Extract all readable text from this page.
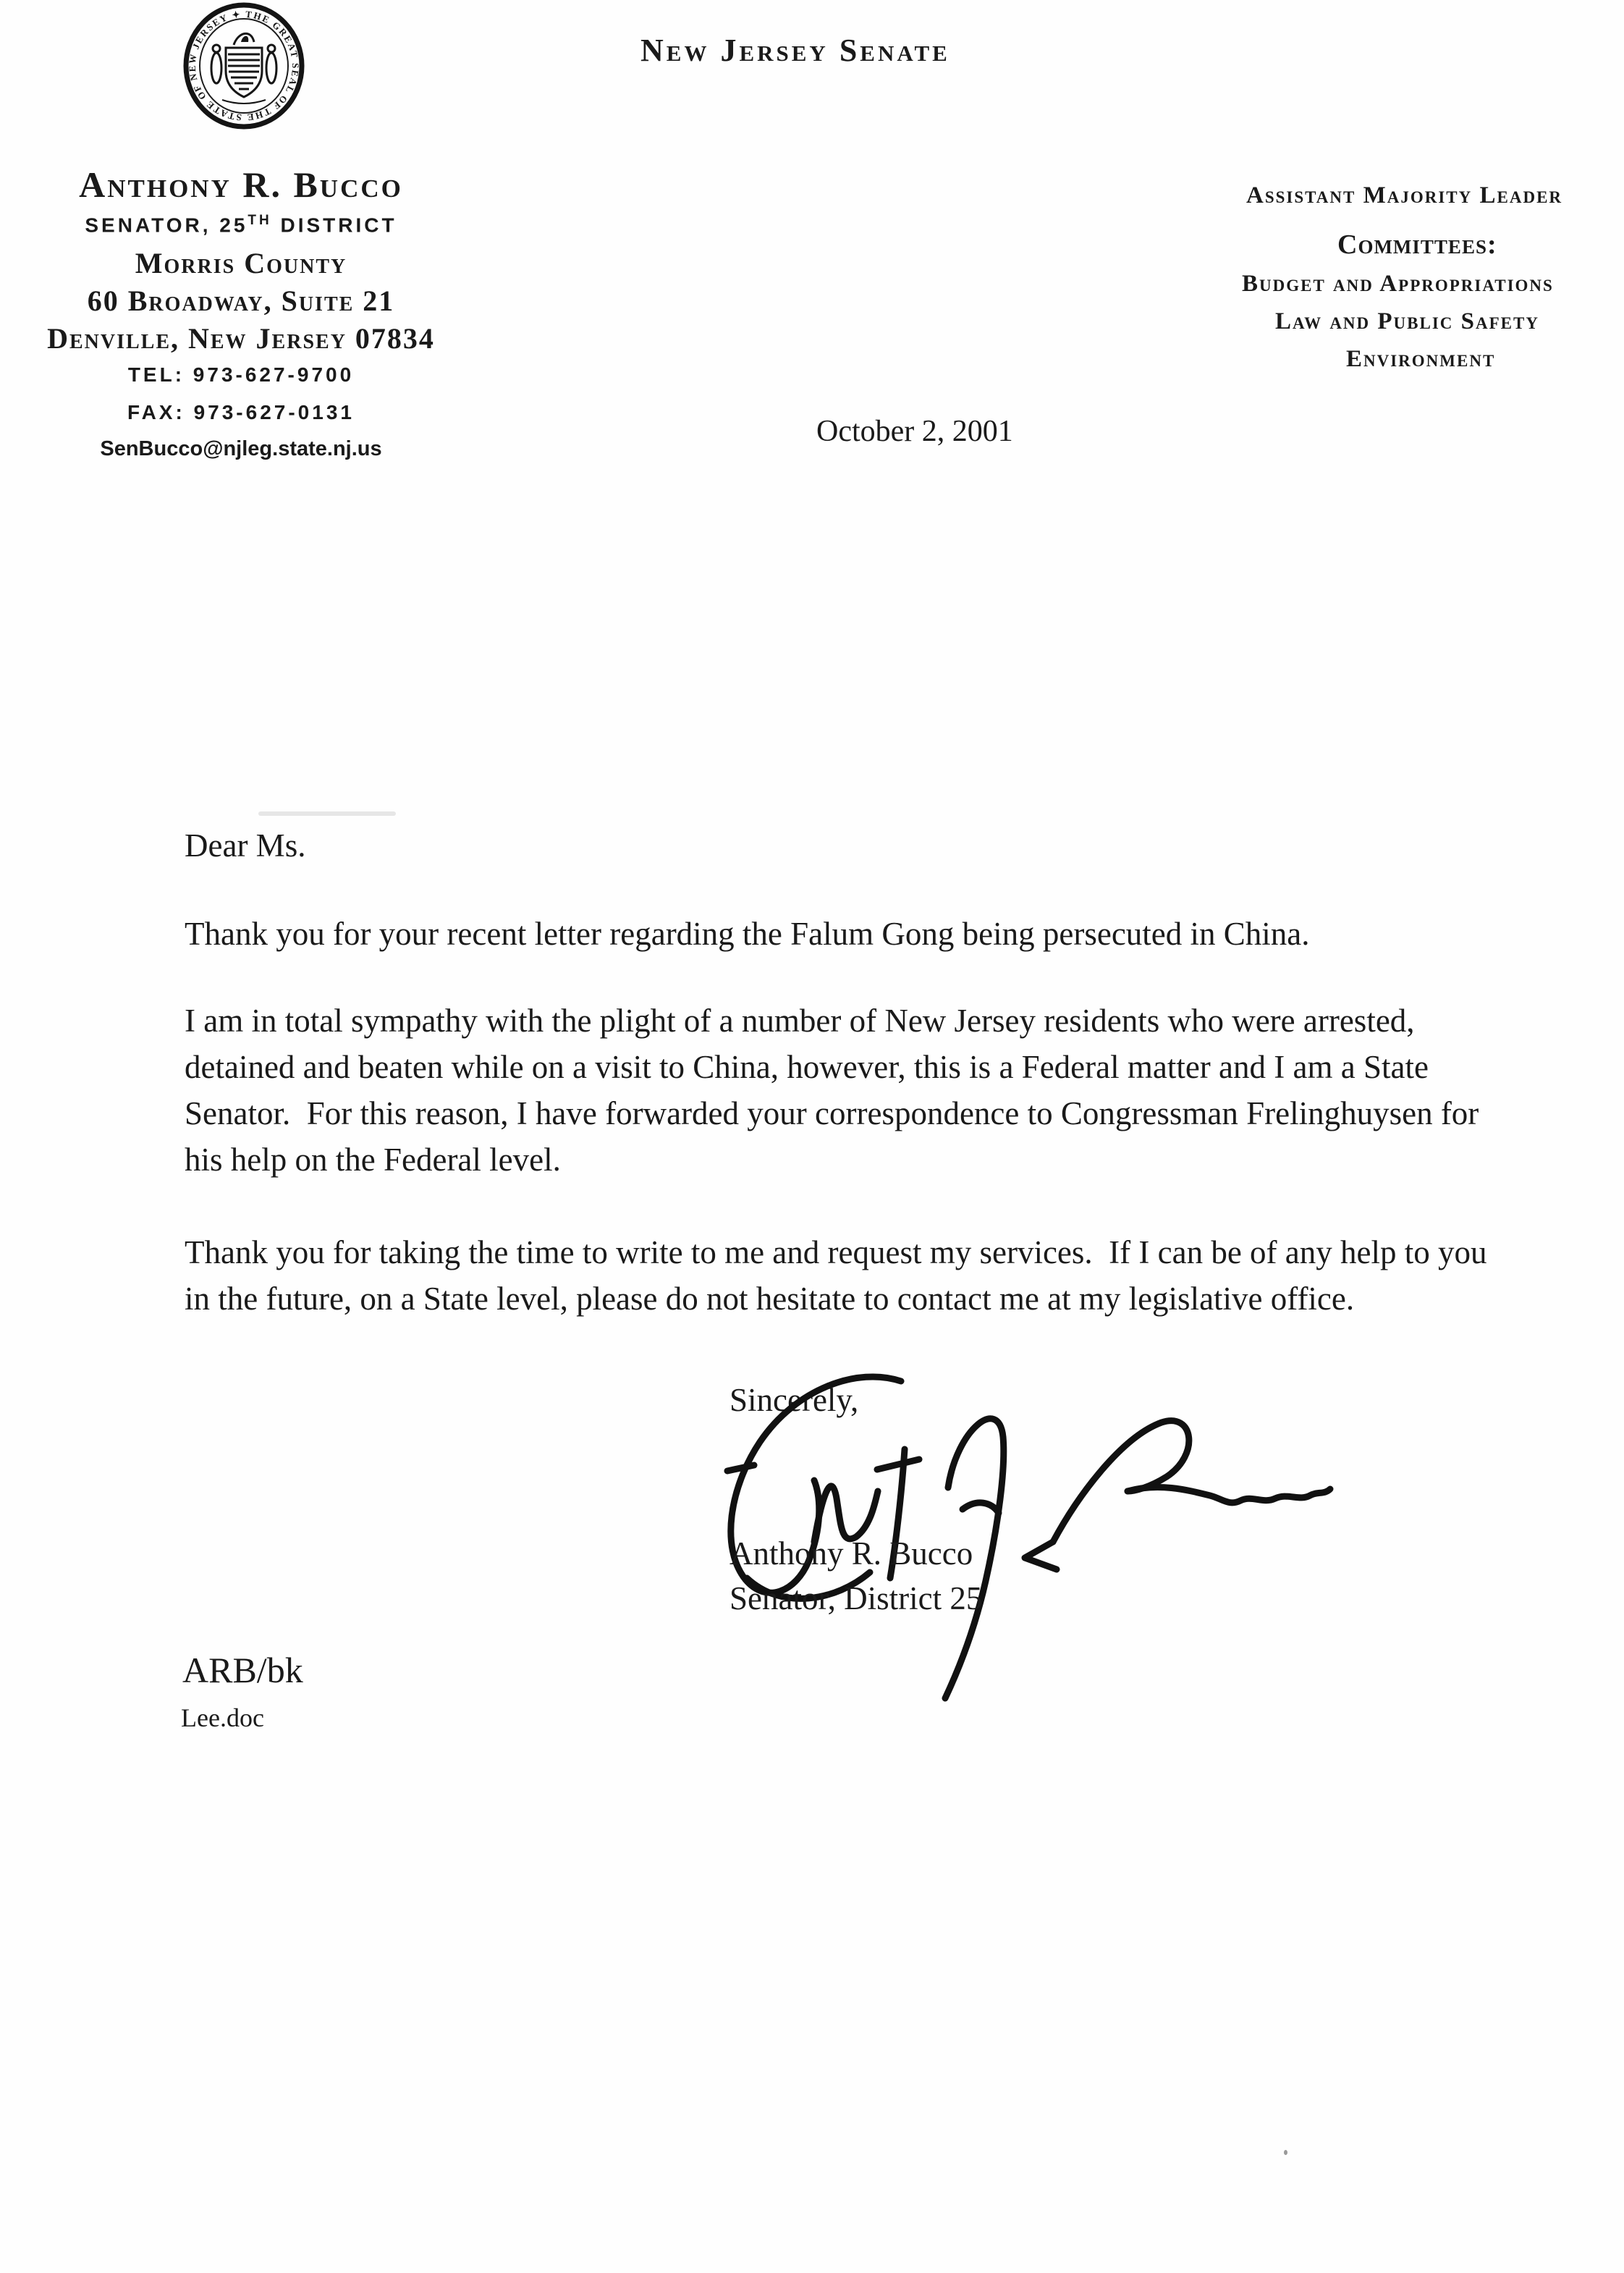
THE GREAT SEAL OF THE STATE OF NEW JERSEY ✦
New Jersey Senate
Anthony R. Bucco
SENATOR, 25TH DISTRICT
Morris County
60 Broadway, Suite 21
Denville, New Jersey 07834
TEL: 973-627-9700
FAX: 973-627-0131
SenBucco@njleg.state.nj.us
Assistant Majority Leader
Committees:
Budget and Appropriations
Law and Public Safety
Environment
October 2, 2001
Dear Ms.
Thank you for your recent letter regarding the Falum Gong being persecuted in China.
I am in total sympathy with the plight of a number of New Jersey residents who were arrested, detained and beaten while on a visit to China, however, this is a Federal matter and I am a State Senator.  For this reason, I have forwarded your correspondence to Congressman Frelinghuysen for his help on the Federal level.
Thank you for taking the time to write to me and request my services.  If I can be of any help to you in the future, on a State level, please do not hesitate to contact me at my legislative office.
Sincerely,
Anthony R. Bucco
Senator, District 25
ARB/bk
Lee.doc
